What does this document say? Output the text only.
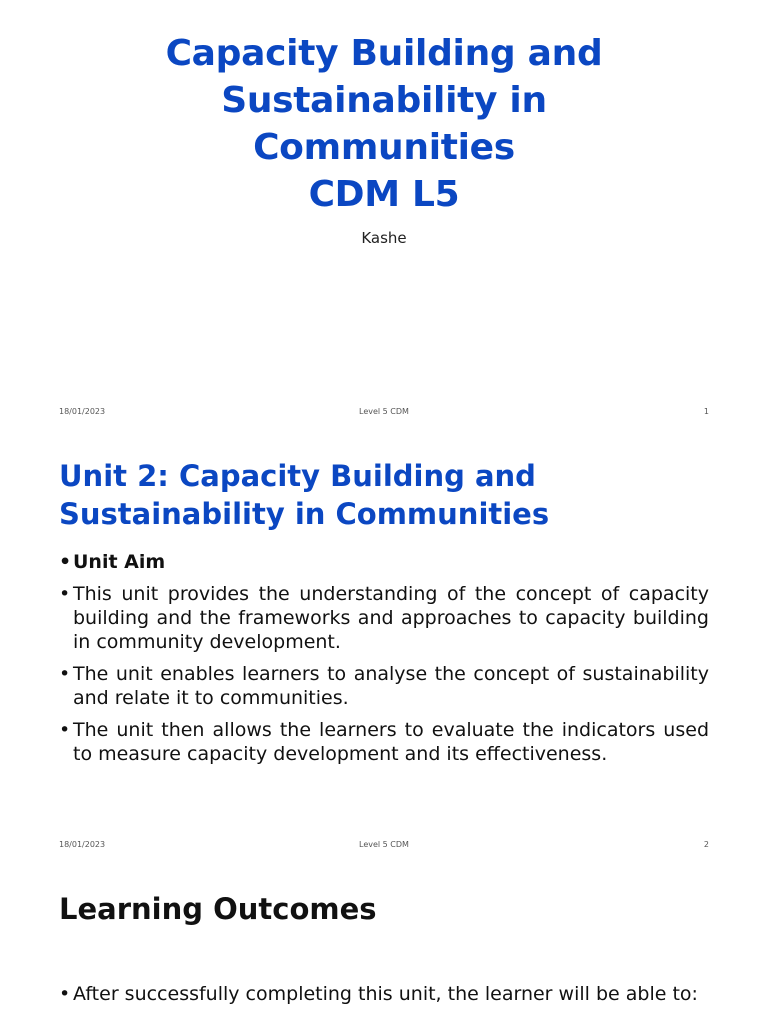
Capacity Building and
Sustainability in
Communities
CDM L5
Kashe
18/01/2023	Level 5 CDM	1
Unit 2: Capacity Building and
Sustainability in Communities
• Unit Aim
• This unit provides the understanding of the concept of capacity building and the frameworks and approaches to capacity building in community development.
• The unit enables learners to analyse the concept of sustainability and relate it to communities.
• The unit then allows the learners to evaluate the indicators used to measure capacity development and its effectiveness.
18/01/2023	Level 5 CDM	2
Learning Outcomes
• After successfully completing this unit, the learner will be able to:
